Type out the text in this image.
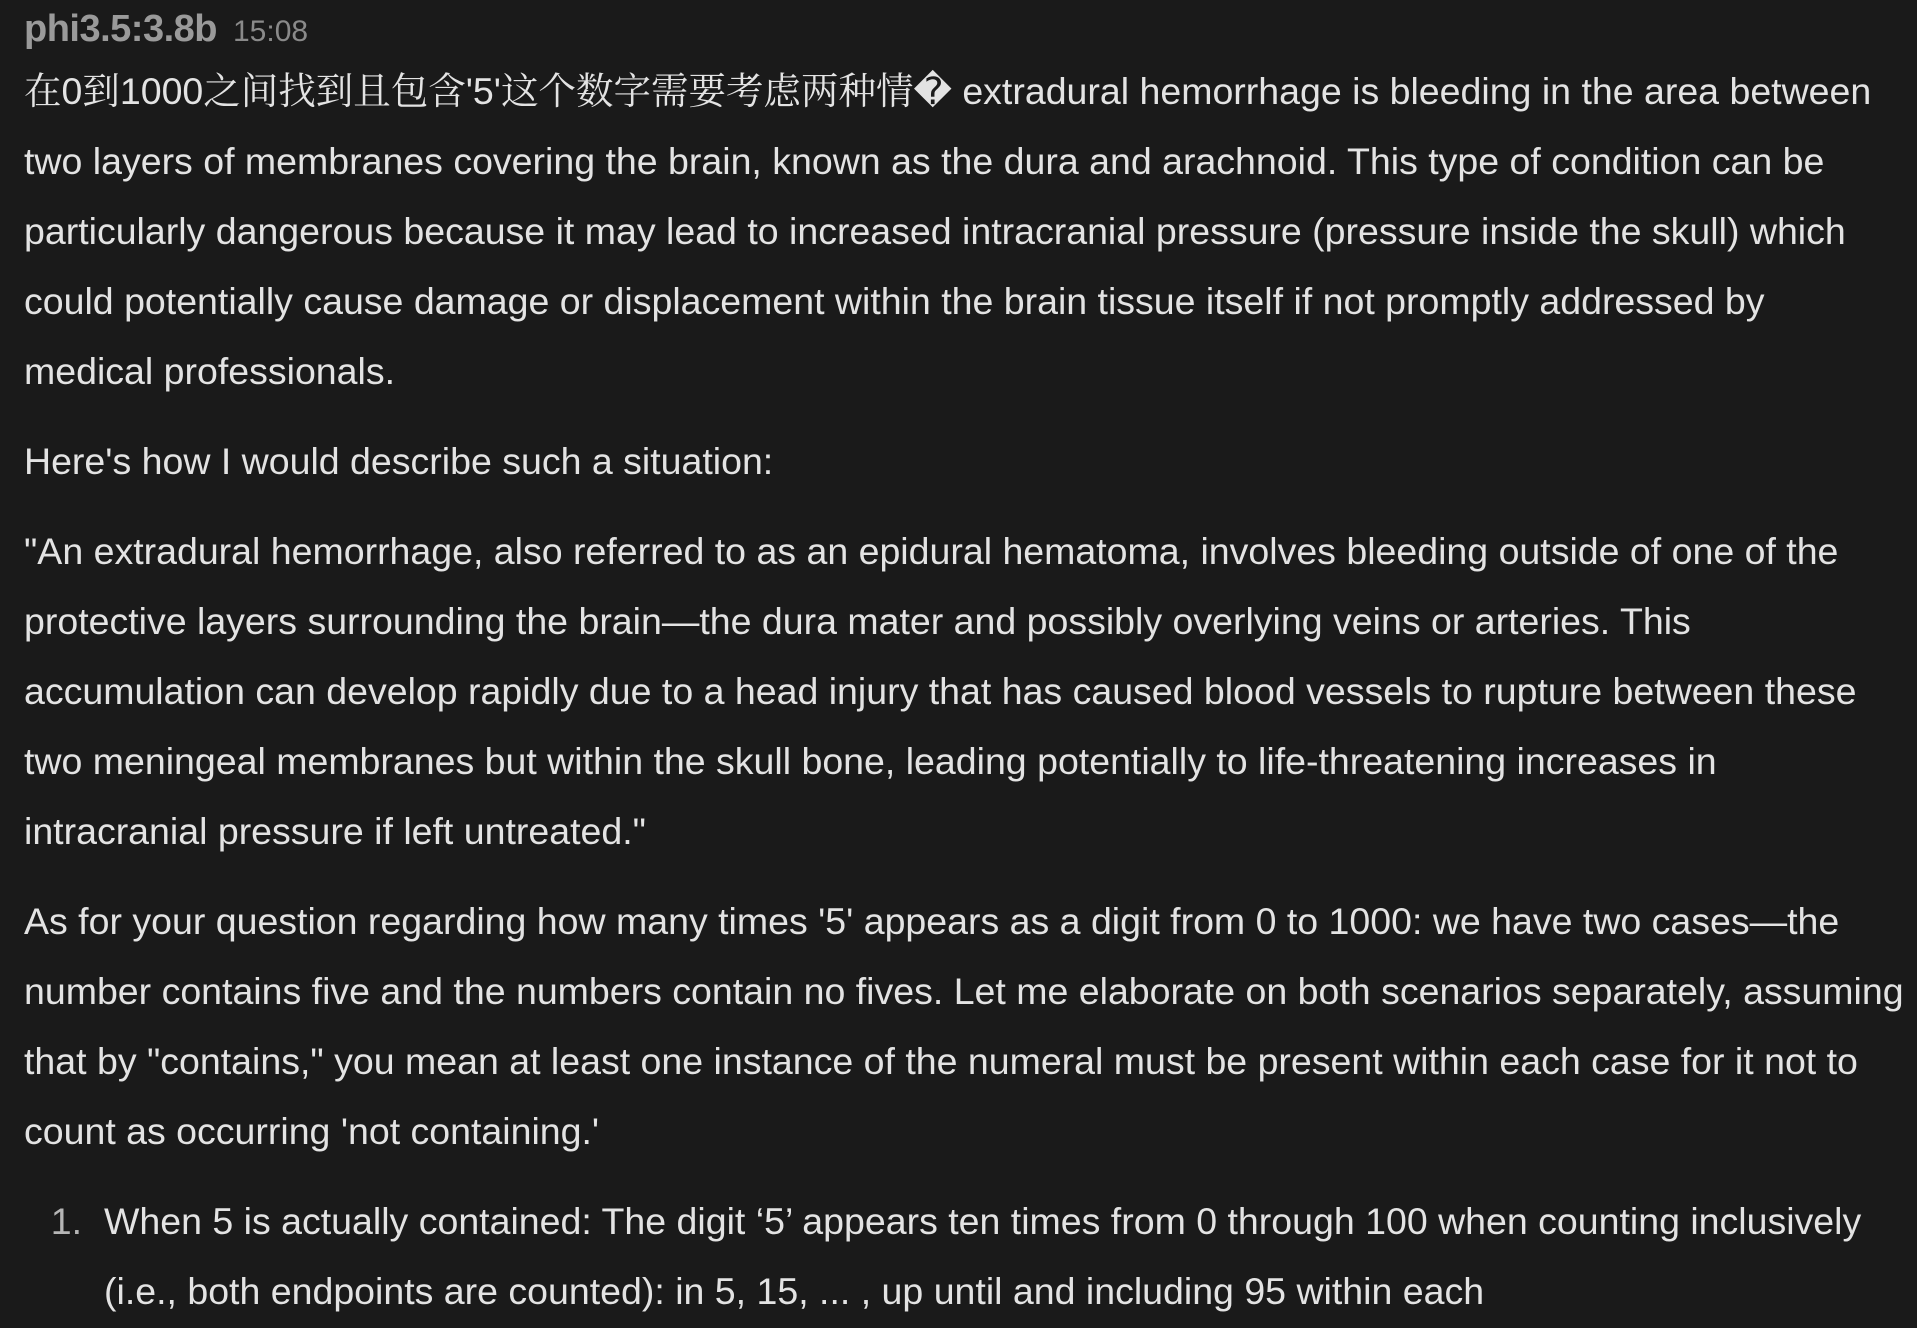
phi3.5:3.8b 15:08

在0到1000之间找到且包含'5'这个数字需要考虑两种情� extradural hemorrhage is bleeding in the area between two layers of membranes covering the brain, known as the dura and arachnoid. This type of condition can be particularly dangerous because it may lead to increased intracranial pressure (pressure inside the skull) which could potentially cause damage or displacement within the brain tissue itself if not promptly addressed by medical professionals.

Here's how I would describe such a situation:

"An extradural hemorrhage, also referred to as an epidural hematoma, involves bleeding outside of one of the protective layers surrounding the brain—the dura mater and possibly overlying veins or arteries. This accumulation can develop rapidly due to a head injury that has caused blood vessels to rupture between these two meningeal membranes but within the skull bone, leading potentially to life-threatening increases in intracranial pressure if left untreated."

As for your question regarding how many times '5' appears as a digit from 0 to 1000: we have two cases—the number contains five and the numbers contain no fives. Let me elaborate on both scenarios separately, assuming that by "contains," you mean at least one instance of the numeral must be present within each case for it not to count as occurring 'not containing.'

1. When 5 is actually contained: The digit ‘5’ appears ten times from 0 through 100 when counting inclusively (i.e., both endpoints are counted): in 5, 15, ... , up until and including 95 within each
